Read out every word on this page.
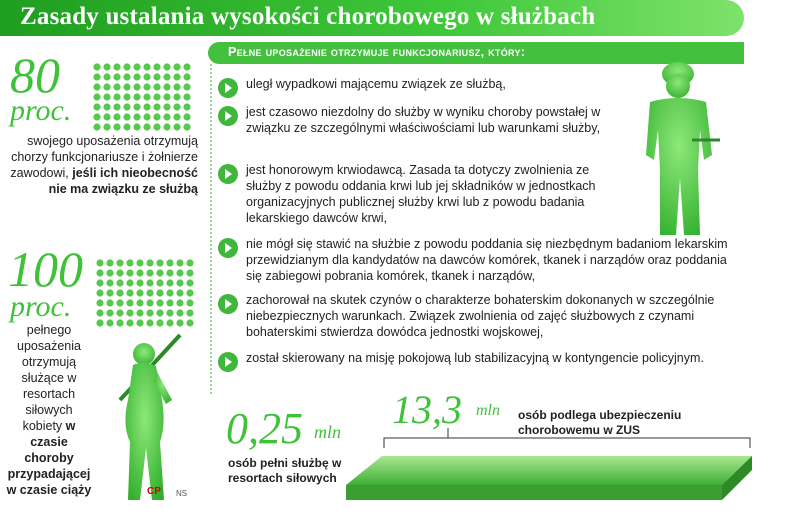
Zasady ustalania wysokości chorobowego w służbach
80
proc.
swojego uposażenia otrzymują chorzy funkcjonariusze i żołnierze zawodowi, jeśli ich nieobecność nie ma związku ze służbą
100
proc.
pełnego uposażenia otrzymują służące w resortach siłowych kobiety w czasie choroby przypadającej w czasie ciąży
Pełne uposażenie otrzymuje funkcjonariusz, który:
uległ wypadkowi mającemu związek ze służbą,
jest czasowo niezdolny do służby w wyniku choroby powstałej w związku ze szczególnymi właściwościami lub warunkami służby,
jest honorowym krwiodawcą. Zasada ta dotyczy zwolnienia ze służby z powodu oddania krwi lub jej składników w jednostkach organizacyjnych publicznej służby krwi lub z powodu badania lekarskiego dawców krwi,
nie mógł się stawić na służbie z powodu poddania się niezbędnym badaniom lekarskim przewidzianym dla kandydatów na dawców komórek, tkanek i narządów oraz poddania się zabiegowi pobrania komórek, tkanek i narządów,
zachorował na skutek czynów o charakterze bohaterskim dokonanych w szczególnie niebezpiecznych warunkach. Związek zwolnienia od zajęć służbowych z czynami bohaterskimi stwierdza dowódca jednostki wojskowej,
został skierowany na misję pokojową lub stabilizacyjną w kontyngencie policyjnym.
0,25 mln
osób pełni służbę w resortach siłowych
13,3 mln osób podlega ubezpieczeniu chorobowemu w ZUS
CP NS
